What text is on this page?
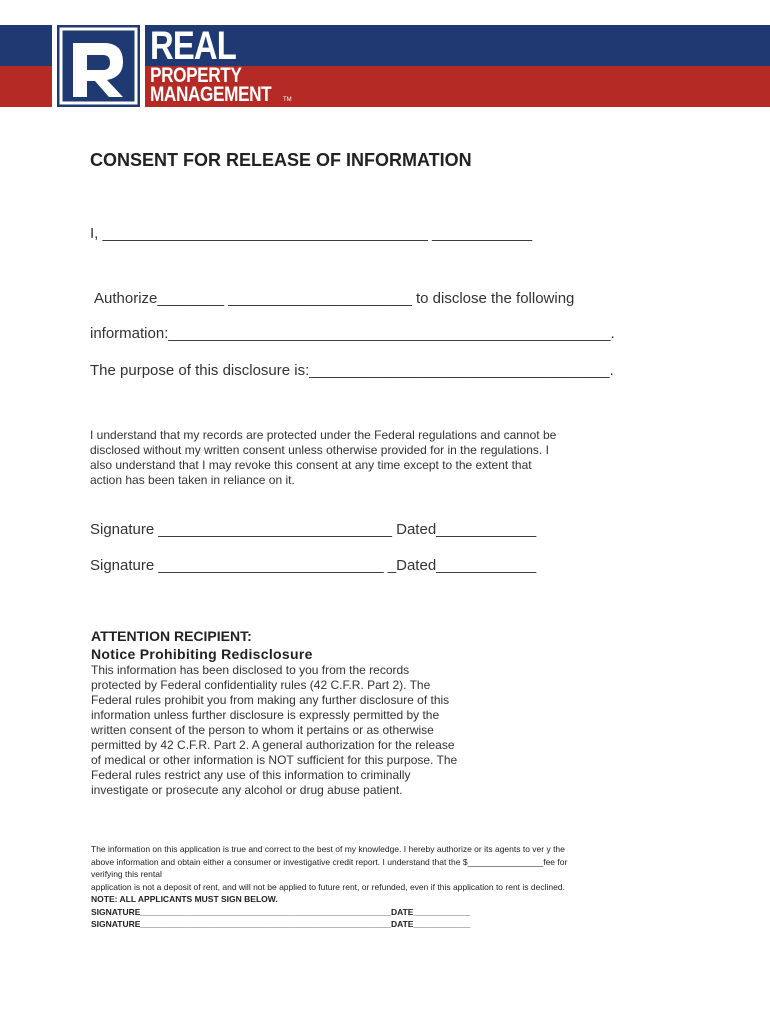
REAL
PROPERTY
MANAGEMENT TM
CONSENT FOR RELEASE OF INFORMATION
I, _______________________________________ ____________
Authorize________ ______________________ to disclose the following
information:_____________________________________________________.
The purpose of this disclosure is:____________________________________.
I understand that my records are protected under the Federal regulations and cannot be
disclosed without my written consent unless otherwise provided for in the regulations. I
also understand that I may revoke this consent at any time except to the extent that
action has been taken in reliance on it.
Signature ____________________________ Dated____________
Signature ___________________________ _Dated____________
ATTENTION RECIPIENT:
Notice Prohibiting Redisclosure
This information has been disclosed to you from the records
protected by Federal confidentiality rules (42 C.F.R. Part 2). The
Federal rules prohibit you from making any further disclosure of this
information unless further disclosure is expressly permitted by the
written consent of the person to whom it pertains or as otherwise
permitted by 42 C.F.R. Part 2. A general authorization for the release
of medical or other information is NOT sufficient for this purpose. The
Federal rules restrict any use of this information to criminally
investigate or prosecute any alcohol or drug abuse patient.
The information on this application is true and correct to the best of my knowledge. I hereby authorize or its agents to ver y the
above information and obtain either a consumer or investigative credit report. I understand that the $________________fee for
verifying this rental
application is not a deposit of rent, and will not be applied to future rent, or refunded, even if this application to rent is declined.
NOTE: ALL APPLICANTS MUST SIGN BELOW.
SIGNATURE_____________________________________________________DATE____________
SIGNATURE_____________________________________________________DATE____________
